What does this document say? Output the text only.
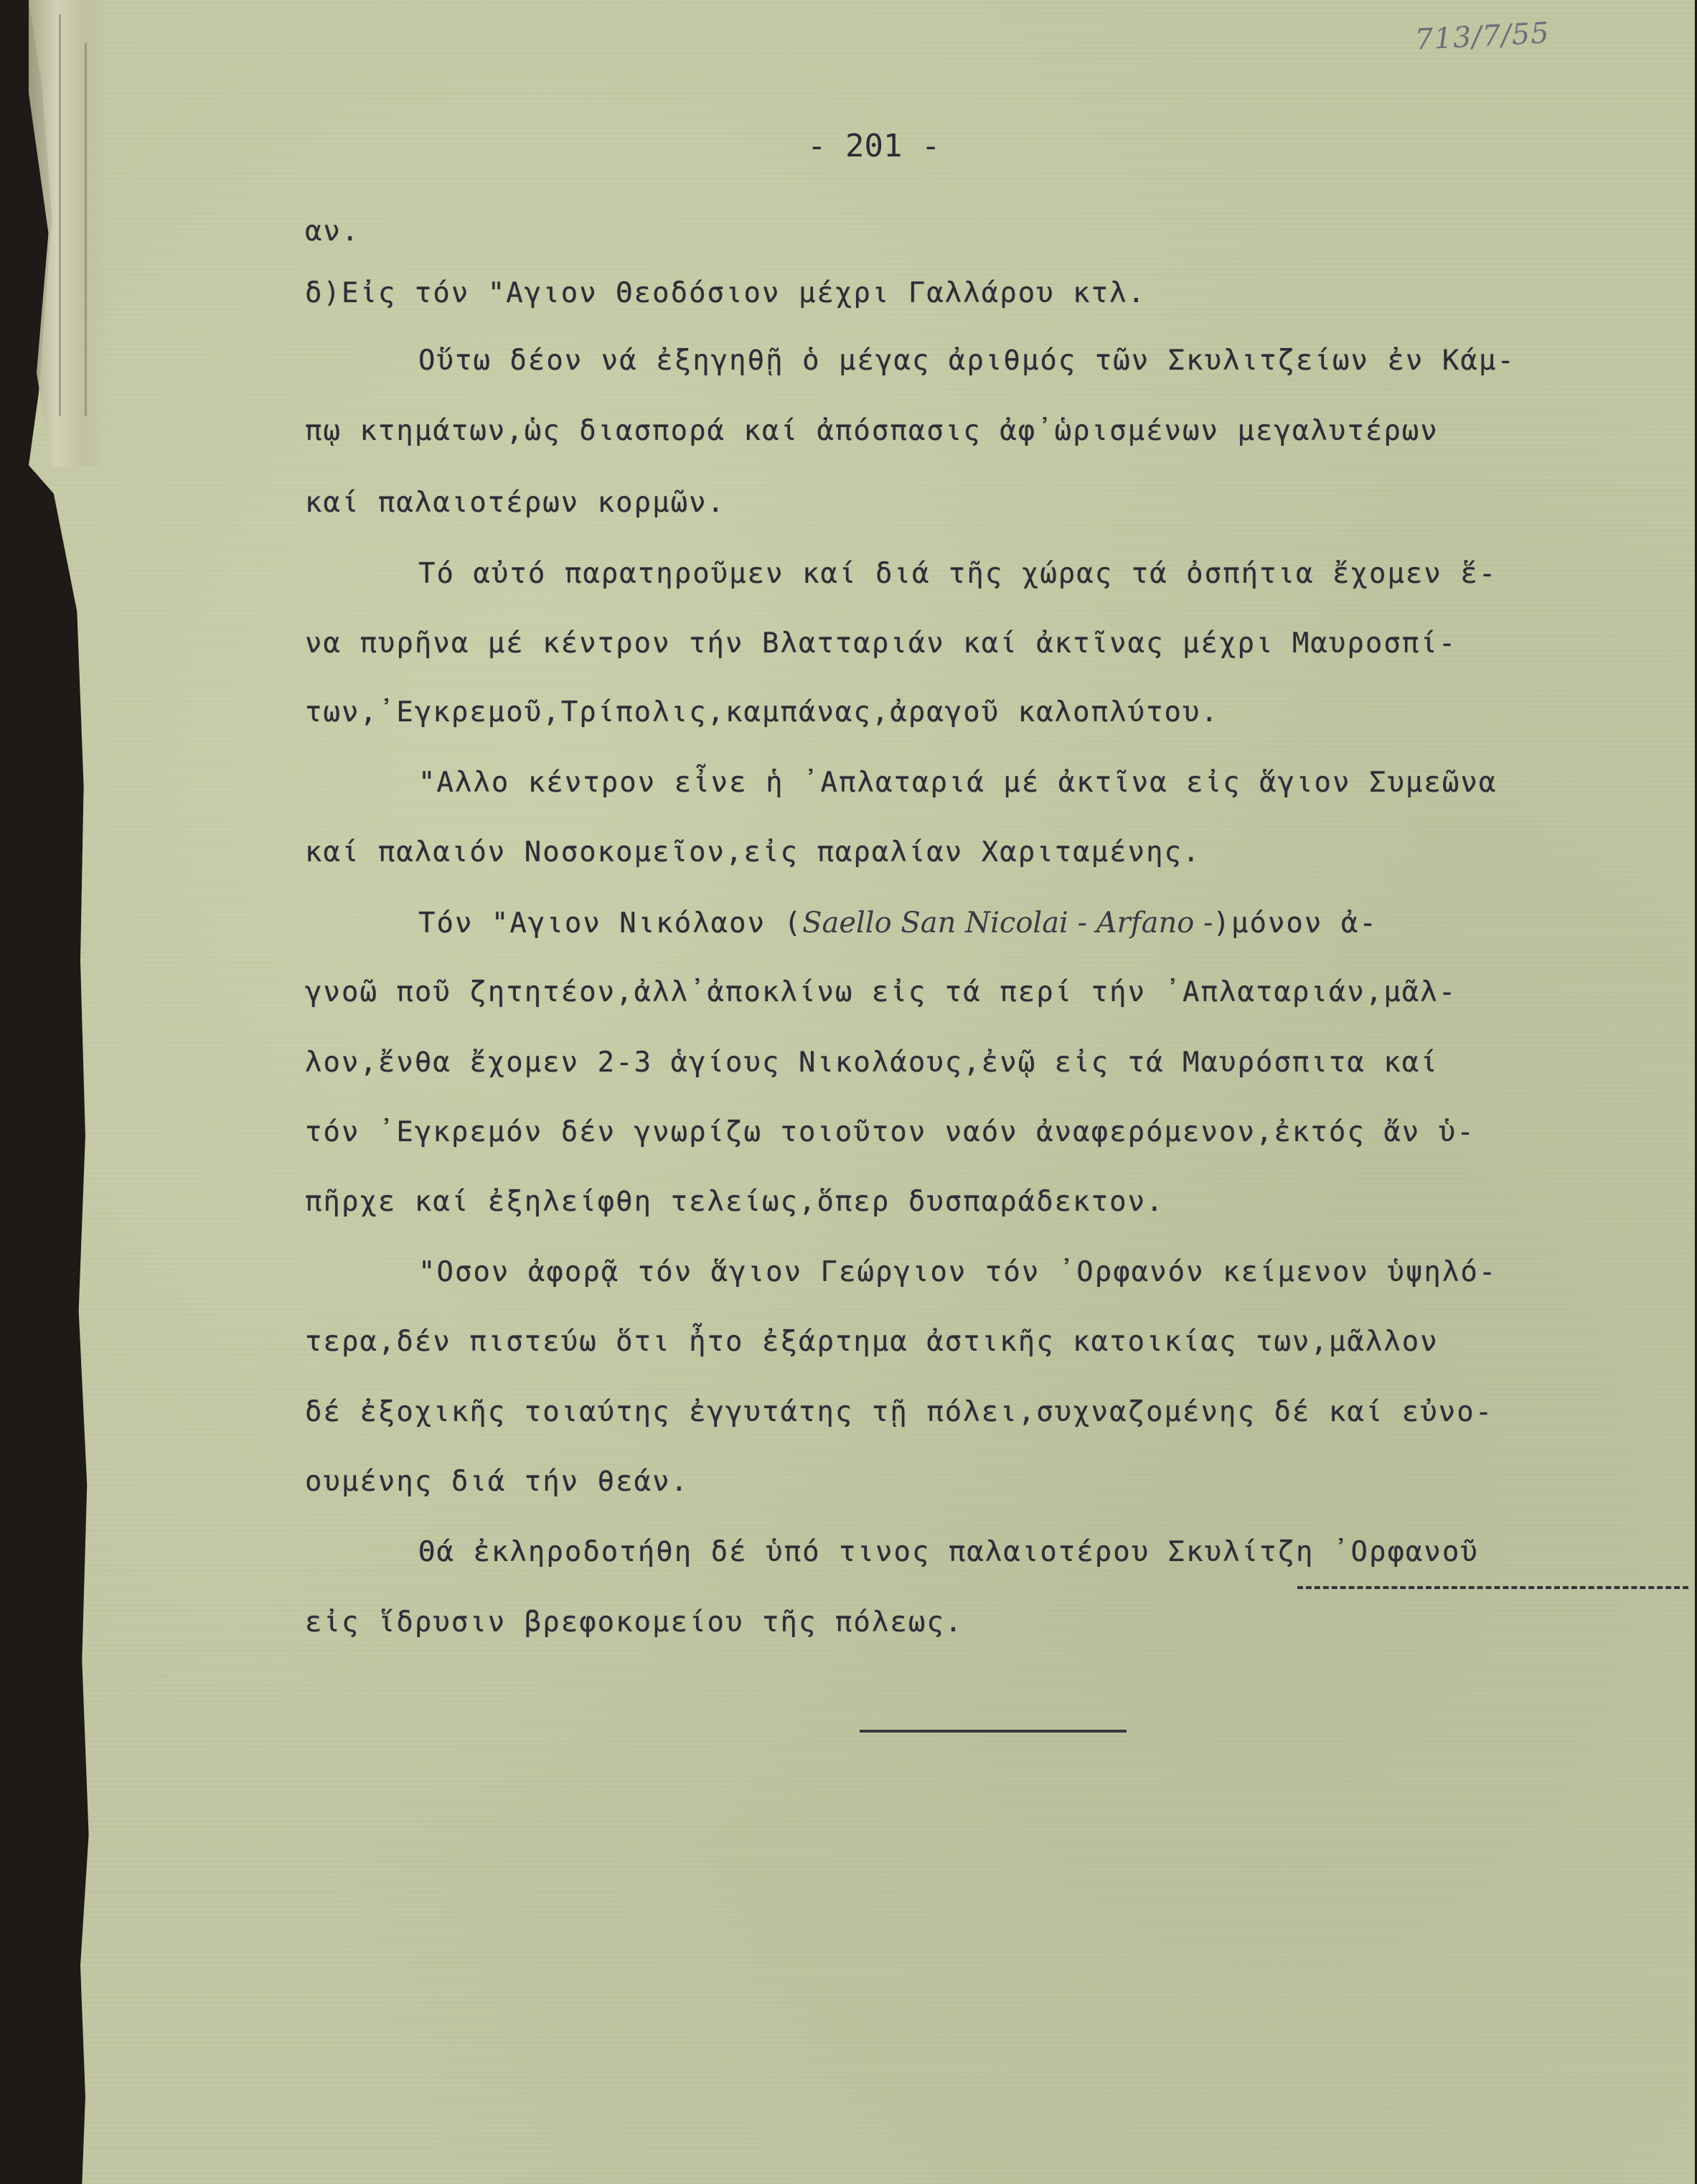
713/7/55
- 201 -
αν.
δ)Εἰς τόν "Αγιον Θεοδόσιον μέχρι Γαλλάρου κτλ.
Οὕτω δέον νά ἐξηγηθῇ ὁ μέγας ἀριθμός τῶν Σκυλιτζείων ἐν Κάμ-
πῳ κτημάτων,ὡς διασπορά καί ἀπόσπασις ἀφ᾽ὡρισμένων μεγαλυτέρων
καί παλαιοτέρων κορμῶν.
Τό αὐτό παρατηροῦμεν καί διά τῆς χώρας τά ὀσπήτια ἔχομεν ἕ-
να πυρῆνα μέ κέντρον τήν Βλατταριάν καί ἀκτῖνας μέχρι Μαυροσπί-
των,᾽Εγκρεμοῦ,Τρίπολις,καμπάνας,ἀραγοῦ καλοπλύτου.
"Αλλο κέντρον εἶνε ἡ ᾽Απλαταριά μέ ἀκτῖνα εἰς ἅγιον Συμεῶνα
καί παλαιόν Νοσοκομεῖον,εἰς παραλίαν Χαριταμένης.
Τόν "Αγιον Νικόλαον (Saello San Nicolai - Arfano -)μόνον ἀ-
γνοῶ ποῦ ζητητέον,ἀλλ᾽ἀποκλίνω εἰς τά περί τήν ᾽Απλαταριάν,μᾶλ-
λον,ἔνθα ἔχομεν 2-3 ἁγίους Νικολάους,ἐνῷ εἰς τά Μαυρόσπιτα καί
τόν ᾽Εγκρεμόν δέν γνωρίζω τοιοῦτον ναόν ἀναφερόμενον,ἐκτός ἄν ὑ-
πῆρχε καί ἐξηλείφθη τελείως,ὅπερ δυσπαράδεκτον.
"Οσον ἀφορᾷ τόν ἅγιον Γεώργιον τόν ᾽Ορφανόν κείμενον ὑψηλό-
τερα,δέν πιστεύω ὅτι ἦτο ἐξάρτημα ἀστικῆς κατοικίας των,μᾶλλον
δέ ἐξοχικῆς τοιαύτης ἐγγυτάτης τῇ πόλει,συχναζομένης δέ καί εὐνο-
ουμένης διά τήν θεάν.
Θά ἐκληροδοτήθη δέ ὑπό τινος παλαιοτέρου Σκυλίτζη ᾽Ορφανοῦ
εἰς ἵδρυσιν βρεφοκομείου τῆς πόλεως.
